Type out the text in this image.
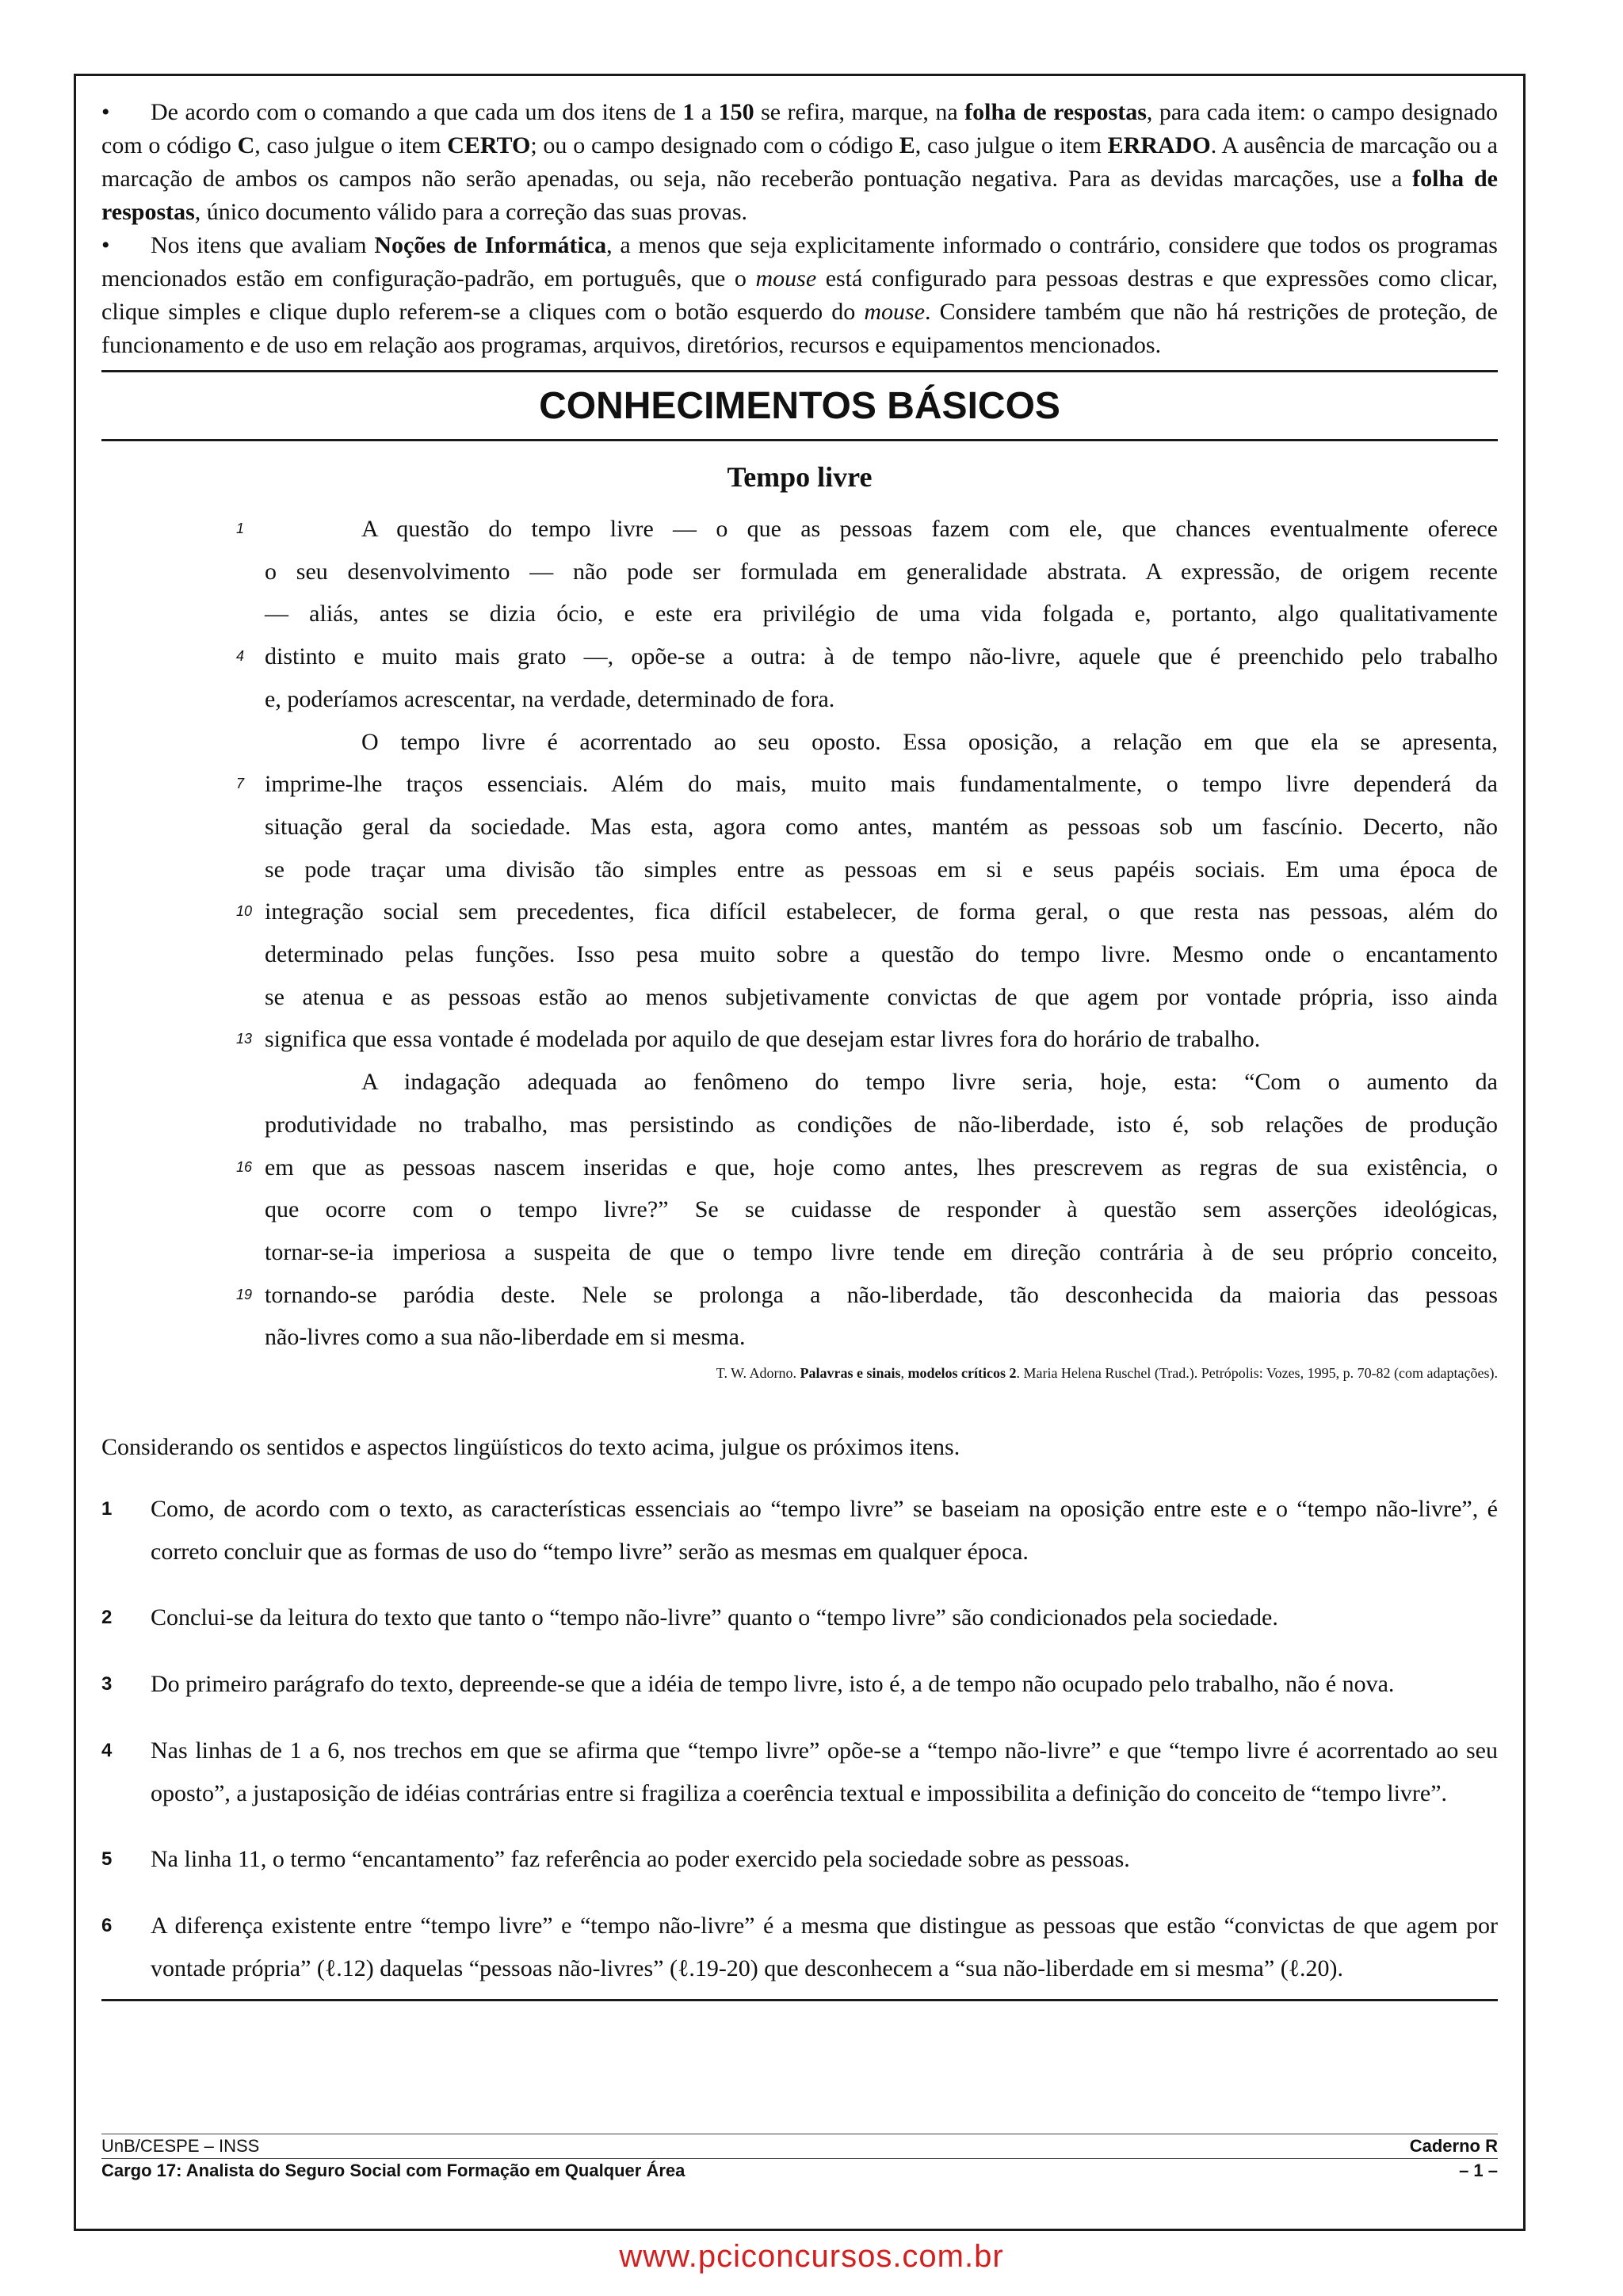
• De acordo com o comando a que cada um dos itens de 1 a 150 se refira, marque, na folha de respostas, para cada item: o campo designado com o código C, caso julgue o item CERTO; ou o campo designado com o código E, caso julgue o item ERRADO. A ausência de marcação ou a marcação de ambos os campos não serão apenadas, ou seja, não receberão pontuação negativa. Para as devidas marcações, use a folha de respostas, único documento válido para a correção das suas provas.

• Nos itens que avaliam Noções de Informática, a menos que seja explicitamente informado o contrário, considere que todos os programas mencionados estão em configuração-padrão, em português, que o mouse está configurado para pessoas destras e que expressões como clicar, clique simples e clique duplo referem-se a cliques com o botão esquerdo do mouse. Considere também que não há restrições de proteção, de funcionamento e de uso em relação aos programas, arquivos, diretórios, recursos e equipamentos mencionados.

CONHECIMENTOS BÁSICOS
Tempo livre
1	A questão do tempo livre — o que as pessoas fazem com ele, que chances eventualmente oferece
o seu desenvolvimento — não pode ser formulada em generalidade abstrata. A expressão, de origem recente
— aliás, antes se dizia ócio, e este era privilégio de uma vida folgada e, portanto, algo qualitativamente
4 distinto e muito mais grato —, opõe-se a outra: à de tempo não-livre, aquele que é preenchido pelo trabalho
e, poderíamos acrescentar, na verdade, determinado de fora.
O tempo livre é acorrentado ao seu oposto. Essa oposição, a relação em que ela se apresenta,
7 imprime-lhe traços essenciais. Além do mais, muito mais fundamentalmente, o tempo livre dependerá da
situação geral da sociedade. Mas esta, agora como antes, mantém as pessoas sob um fascínio. Decerto, não
se pode traçar uma divisão tão simples entre as pessoas em si e seus papéis sociais. Em uma época de
10 integração social sem precedentes, fica difícil estabelecer, de forma geral, o que resta nas pessoas, além do
determinado pelas funções. Isso pesa muito sobre a questão do tempo livre. Mesmo onde o encantamento
se atenua e as pessoas estão ao menos subjetivamente convictas de que agem por vontade própria, isso ainda
13 significa que essa vontade é modelada por aquilo de que desejam estar livres fora do horário de trabalho.
A indagação adequada ao fenômeno do tempo livre seria, hoje, esta: “Com o aumento da
produtividade no trabalho, mas persistindo as condições de não-liberdade, isto é, sob relações de produção
16 em que as pessoas nascem inseridas e que, hoje como antes, lhes prescrevem as regras de sua existência, o
que ocorre com o tempo livre?” Se se cuidasse de responder à questão sem asserções ideológicas,
tornar-se-ia imperiosa a suspeita de que o tempo livre tende em direção contrária à de seu próprio conceito,
19 tornando-se paródia deste. Nele se prolonga a não-liberdade, tão desconhecida da maioria das pessoas
não-livres como a sua não-liberdade em si mesma.
T. W. Adorno. Palavras e sinais, modelos críticos 2. Maria Helena Ruschel (Trad.). Petrópolis: Vozes, 1995, p. 70-82 (com adaptações).
Considerando os sentidos e aspectos lingüísticos do texto acima, julgue os próximos itens.
1 Como, de acordo com o texto, as características essenciais ao “tempo livre” se baseiam na oposição entre este e o “tempo não-livre”, é correto concluir que as formas de uso do “tempo livre” serão as mesmas em qualquer época.
2 Conclui-se da leitura do texto que tanto o “tempo não-livre” quanto o “tempo livre” são condicionados pela sociedade.
3 Do primeiro parágrafo do texto, depreende-se que a idéia de tempo livre, isto é, a de tempo não ocupado pelo trabalho, não é nova.
4 Nas linhas de 1 a 6, nos trechos em que se afirma que “tempo livre” opõe-se a “tempo não-livre” e que “tempo livre é acorrentado ao seu oposto”, a justaposição de idéias contrárias entre si fragiliza a coerência textual e impossibilita a definição do conceito de “tempo livre”.
5 Na linha 11, o termo “encantamento” faz referência ao poder exercido pela sociedade sobre as pessoas.
6 A diferença existente entre “tempo livre” e “tempo não-livre” é a mesma que distingue as pessoas que estão “convictas de que agem por vontade própria” (ℓ.12) daquelas “pessoas não-livres” (ℓ.19-20) que desconhecem a “sua não-liberdade em si mesma” (ℓ.20).
UnB/CESPE – INSS	Caderno R
Cargo 17: Analista do Seguro Social com Formação em Qualquer Área	– 1 –
www.pciconcursos.com.br
